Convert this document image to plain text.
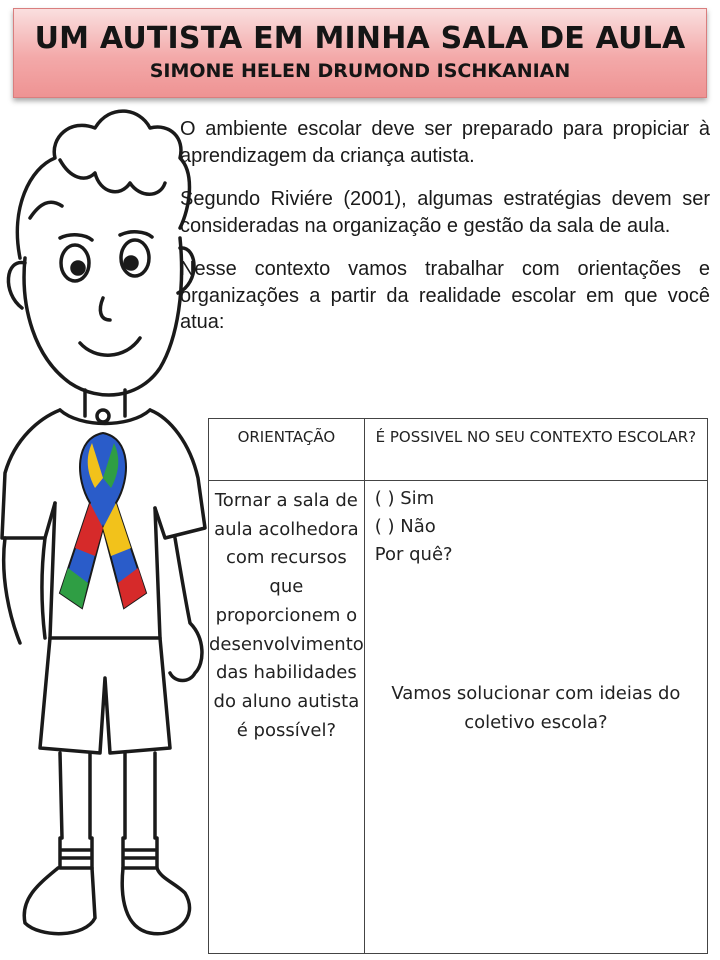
UM AUTISTA EM MINHA SALA DE AULA
SIMONE HELEN DRUMOND ISCHKANIAN

O ambiente escolar deve ser preparado para propiciar à aprendizagem da criança autista.

Segundo Riviére (2001), algumas estratégias devem ser consideradas na organização e gestão da sala de aula.

Nesse contexto vamos trabalhar com orientações e organizações a partir da realidade escolar em que você atua:

ORIENTAÇÃO	É POSSIVEL NO SEU CONTEXTO ESCOLAR?
Tornar a sala de aula acolhedora com recursos que proporcionem o desenvolvimento das habilidades do aluno autista é possível?	( ) Sim
( ) Não
Por quê?
Vamos solucionar com ideias do coletivo escola?
